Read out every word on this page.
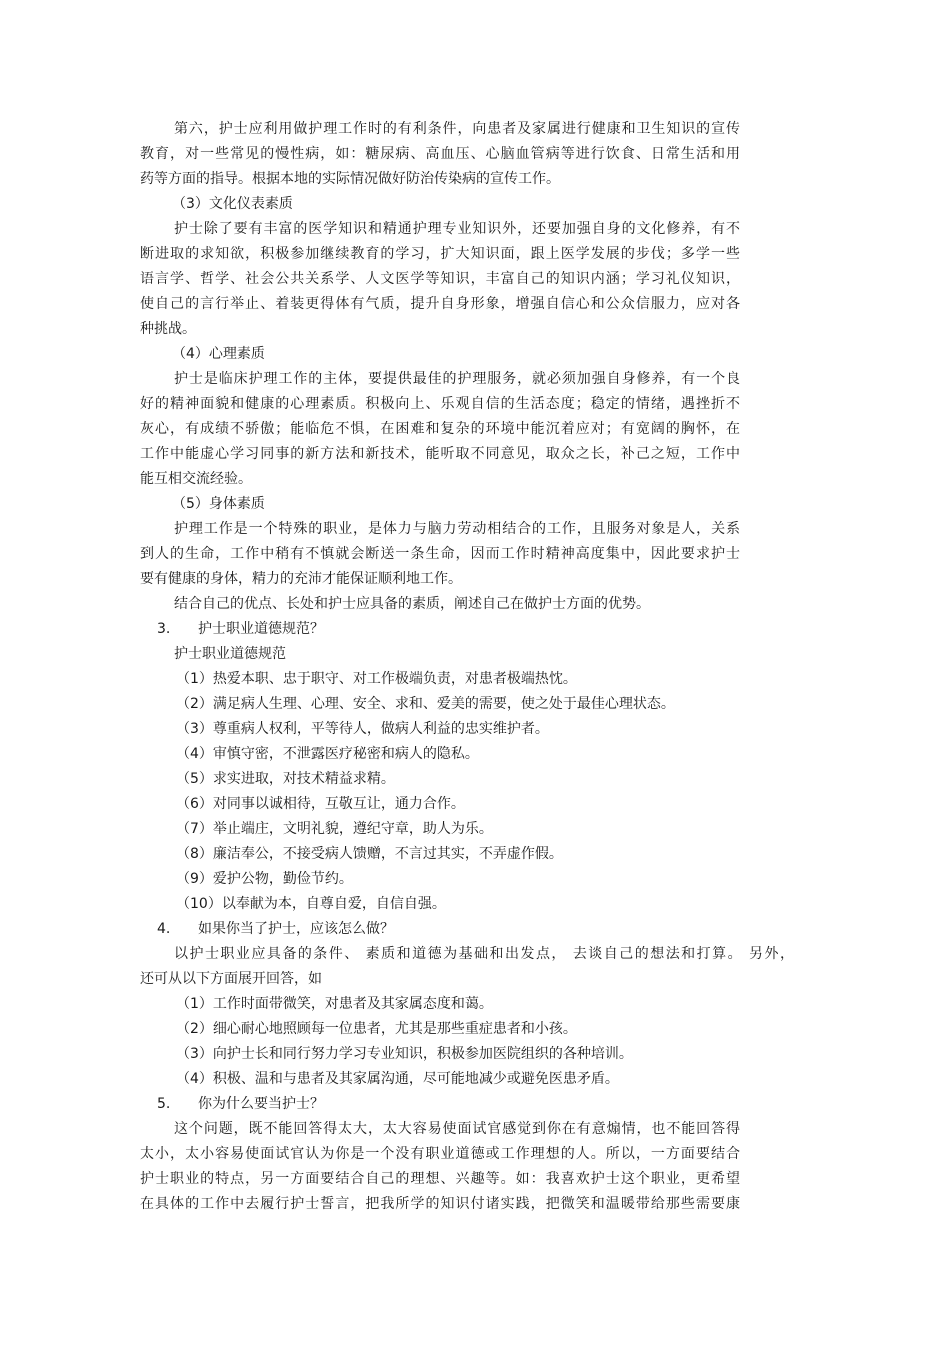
第六，护士应利用做护理工作时的有利条件，向患者及家属进行健康和卫生知识的宣传
教育，对一些常见的慢性病，如：糖尿病、高血压、心脑血管病等进行饮食、日常生活和用
药等方面的指导。根据本地的实际情况做好防治传染病的宣传工作。
（3）文化仪表素质
护士除了要有丰富的医学知识和精通护理专业知识外，还要加强自身的文化修养，有不
断进取的求知欲，积极参加继续教育的学习，扩大知识面，跟上医学发展的步伐；多学一些
语言学、哲学、社会公共关系学、人文医学等知识，丰富自己的知识内涵；学习礼仪知识，
使自己的言行举止、着装更得体有气质，提升自身形象，增强自信心和公众信服力，应对各
种挑战。
（4）心理素质
护士是临床护理工作的主体，要提供最佳的护理服务，就必须加强自身修养，有一个良
好的精神面貌和健康的心理素质。积极向上、乐观自信的生活态度；稳定的情绪，遇挫折不
灰心，有成绩不骄傲；能临危不惧，在困难和复杂的环境中能沉着应对；有宽阔的胸怀，在
工作中能虚心学习同事的新方法和新技术，能听取不同意见，取众之长，补己之短，工作中
能互相交流经验。
（5）身体素质
护理工作是一个特殊的职业，是体力与脑力劳动相结合的工作，且服务对象是人，关系
到人的生命，工作中稍有不慎就会断送一条生命，因而工作时精神高度集中，因此要求护士
要有健康的身体，精力的充沛才能保证顺利地工作。
结合自己的优点、长处和护士应具备的素质，阐述自己在做护士方面的优势。
3. 护士职业道德规范？
护士职业道德规范
（1）热爱本职、忠于职守、对工作极端负责，对患者极端热忱。
（2）满足病人生理、心理、安全、求和、爱美的需要，使之处于最佳心理状态。
（3）尊重病人权利，平等待人，做病人利益的忠实维护者。
（4）审慎守密，不泄露医疗秘密和病人的隐私。
（5）求实进取，对技术精益求精。
（6）对同事以诚相待，互敬互让，通力合作。
（7）举止端庄，文明礼貌，遵纪守章，助人为乐。
（8）廉洁奉公，不接受病人馈赠，不言过其实，不弄虚作假。
（9）爱护公物，勤俭节约。
（10）以奉献为本，自尊自爱，自信自强。
4. 如果你当了护士，应该怎么做？
以护士职业应具备的条件、 素质和道德为基础和出发点， 去谈自己的想法和打算。 另外，
还可从以下方面展开回答，如
（1）工作时面带微笑，对患者及其家属态度和蔼。
（2）细心耐心地照顾每一位患者，尤其是那些重症患者和小孩。
（3）向护士长和同行努力学习专业知识，积极参加医院组织的各种培训。
（4）积极、温和与患者及其家属沟通，尽可能地减少或避免医患矛盾。
5. 你为什么要当护士？
这个问题，既不能回答得太大，太大容易使面试官感觉到你在有意煽情，也不能回答得
太小，太小容易使面试官认为你是一个没有职业道德或工作理想的人。所以，一方面要结合
护士职业的特点，另一方面要结合自己的理想、兴趣等。如：我喜欢护士这个职业，更希望
在具体的工作中去履行护士誓言，把我所学的知识付诸实践，把微笑和温暖带给那些需要康
